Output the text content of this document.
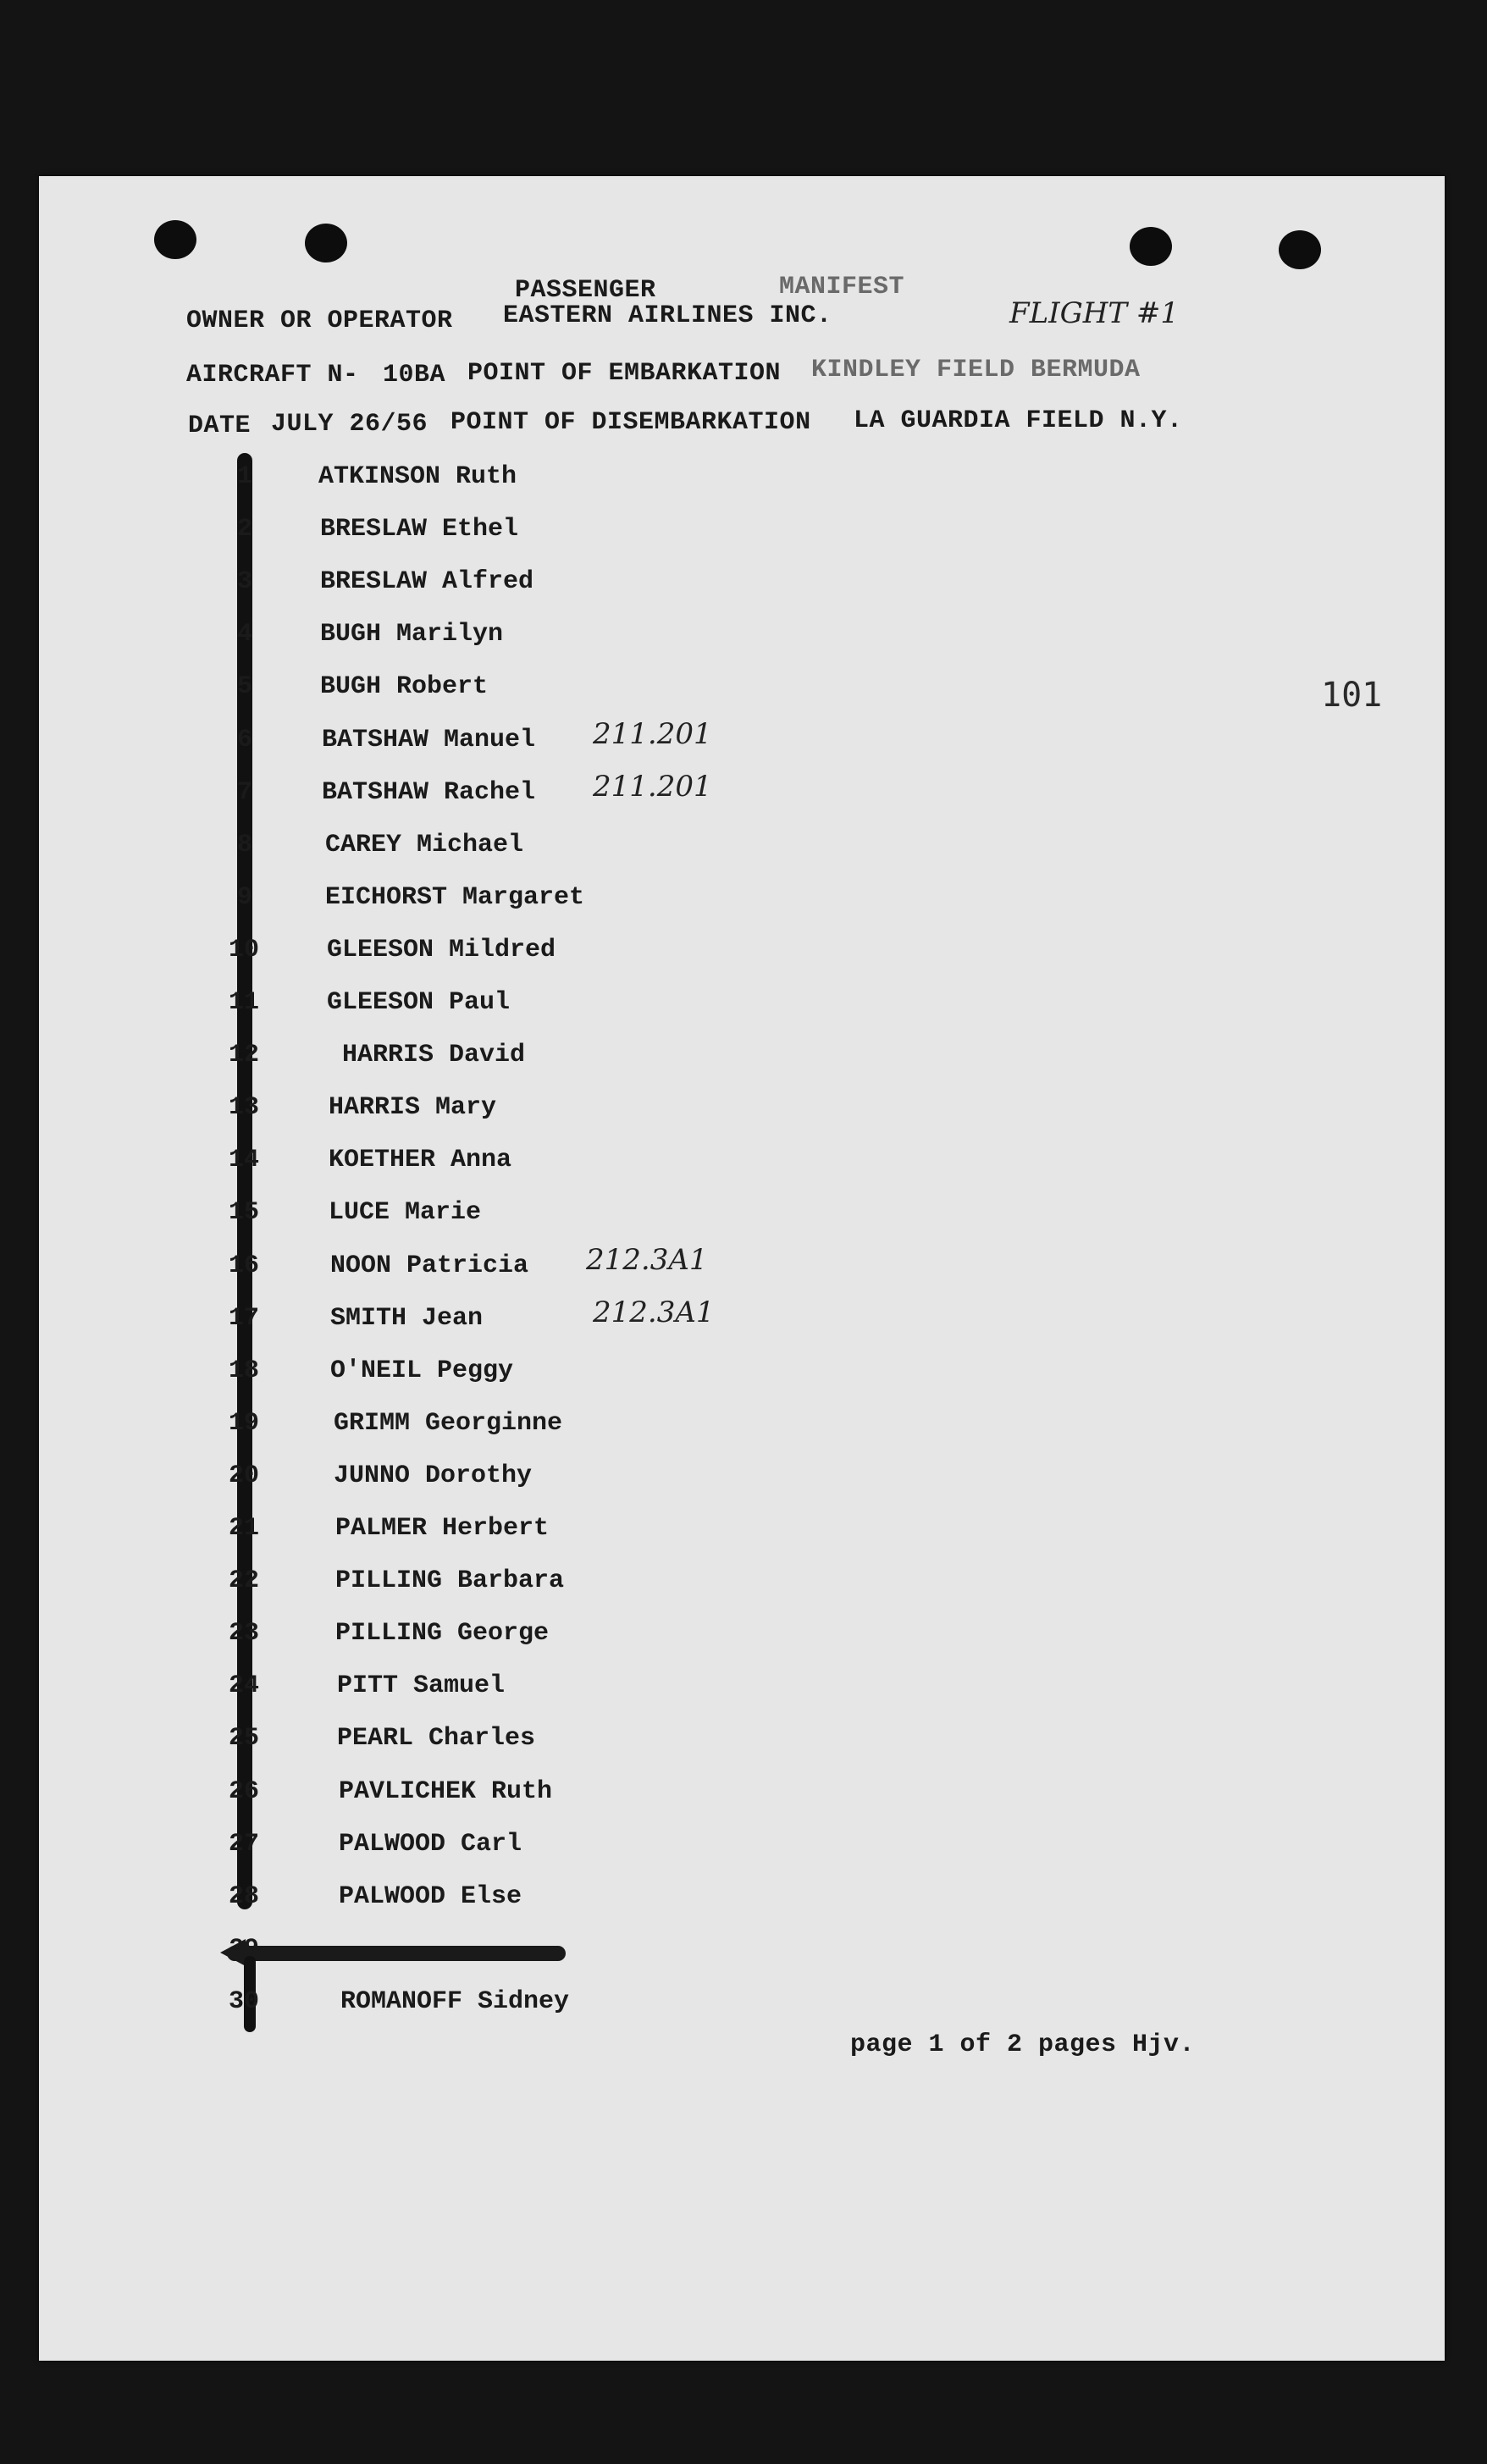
PASSENGER	MANIFEST
FLIGHT #1
OWNER OR OPERATOR EASTERN AIRLINES INC.
AIRCRAFT N- 10BA POINT OF EMBARKATION KINDLEY FIELD BERMUDA
DATE JULY 26/56 POINT OF DISEMBARKATION LA GUARDIA FIELD N.Y.
101
1	ATKINSON Ruth
2	BRESLAW Ethel
3	BRESLAW Alfred
4	BUGH Marilyn
5	BUGH Robert
6	BATSHAW Manuel 211.201
7	BATSHAW Rachel 211.201
8	CAREY Michael
9	EICHORST Margaret
10	GLEESON Mildred
11	GLEESON Paul
12	HARRIS David
13	HARRIS Mary
14	KOETHER Anna
15	LUCE Marie
16	NOON Patricia 212.3A1
17	SMITH Jean	212.3A1
18	O'NEIL Peggy
19	GRIMM Georginne
20	JUNNO Dorothy
21	PALMER Herbert
22	PILLING Barbara
23	PILLING George
24	PITT Samuel
25	PEARL Charles
26	PAVLICHEK Ruth
27	PALWOOD Carl
28	PALWOOD Else
29
30	ROMANOFF Sidney
page 1 of 2 pages Hjv.
